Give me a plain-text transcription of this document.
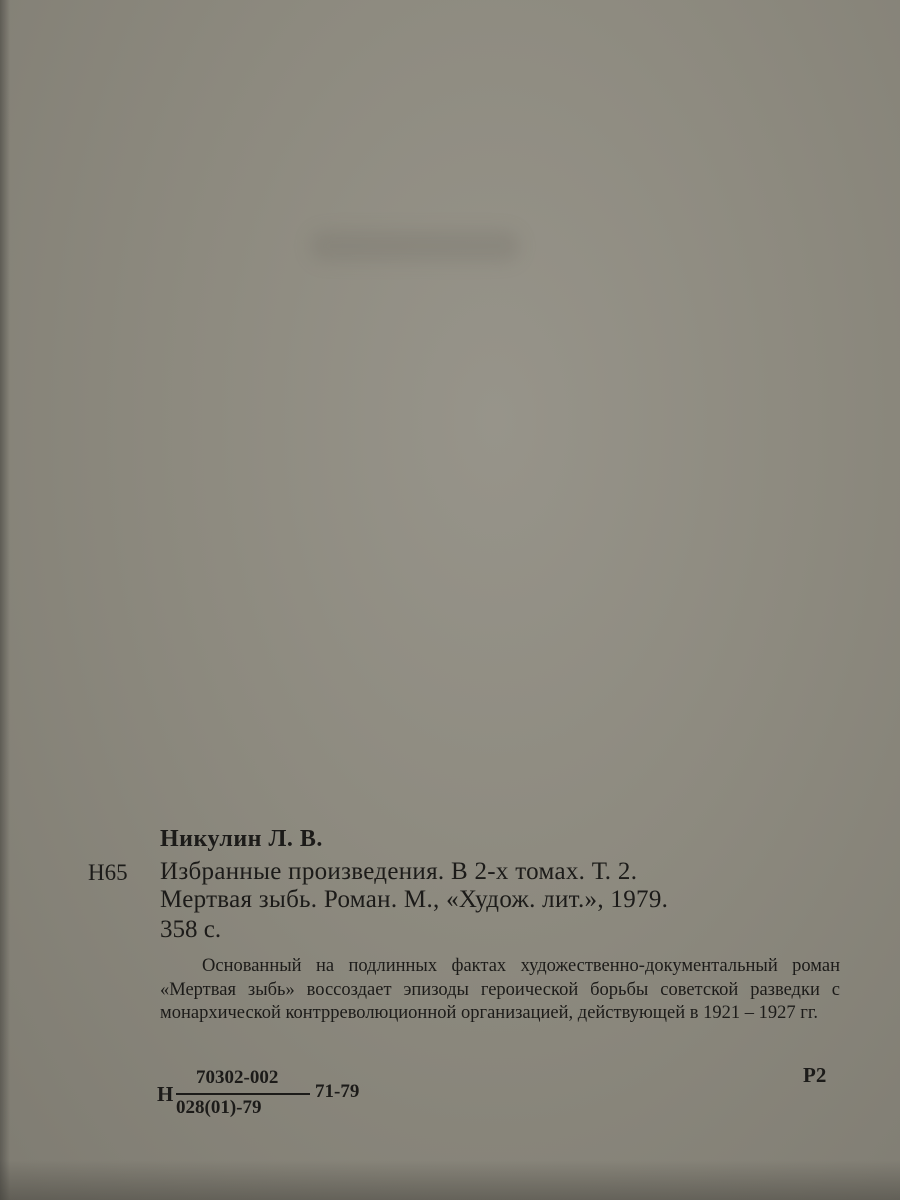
Никулин Л. В.
Н65 Избранные произведения. В 2-х томах. Т. 2.
Мертвая зыбь. Роман. М., «Худож. лит.», 1979.
358 с.
Основанный на подлинных фактах художественно-документальный роман «Мертвая зыбь» воссоздает эпизоды героической борьбы советской разведки с монархической контрреволюционной организацией, действующей в 1921 – 1927 гг.
Н
70302-002
028(01)-79
71-79
Р2
